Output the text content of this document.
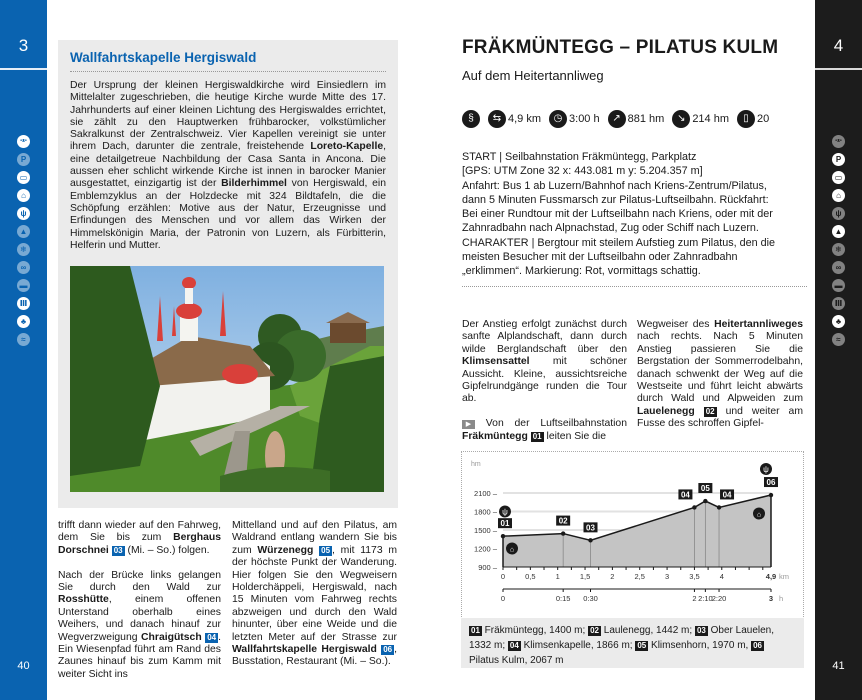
3
•ᴥ•
P
▭
⌂
ψ
▲
❄
∞
▬
Ⅲ
♣
≈
40
4
•ᴥ•
P
▭
⌂
ψ
▲
❄
∞
▬
Ⅲ
♣
≈
41
Wallfahrtskapelle Hergiswald
Der Ursprung der kleinen Hergiswaldkirche wird Einsiedlern im Mittelalter zugeschrieben, die heutige Kirche wurde Mitte des 17. Jahrhunderts auf einer kleinen Lichtung des Hergiswaldes errichtet, sie zählt zu den Hauptwerken frühbarocker, volkstümlicher Sakralkunst der Zentralschweiz. Vier Kapellen vereinigt sie unter ihrem Dach, darunter die zentrale, freistehende Loreto-Kapelle, eine detailgetreue Nachbildung der Casa Santa in Ancona. Die aussen eher schlicht wirkende Kirche ist innen in barocker Manier ausgestattet, einzigartig ist der Bilderhimmel von Hergiswald, ein Emblemzyklus an der Holzdecke mit 324 Bildtafeln, die die Schöpfung erzählen: Motive aus der Natur, Erzeugnisse und Erfindungen des Menschen und vor allem das Wirken der Himmelskönigin Maria, der Patronin von Luzern, als Fürbitterin, Helferin und Mutter.

trifft dann wieder auf den Fahrweg, dem Sie bis zum Berghaus Dorschnei 03 (Mi. – So.) folgen.

Nach der Brücke links gelangen Sie durch den Wald zur Rosshütte, einem offenen Unterstand oberhalb eines Weihers, und danach hinauf zur Wegverzweigung Chraigütsch 04 . Ein Wiesenpfad führt am Rand des Zaunes hinauf bis zum Kamm mit weiter Sicht ins

Mittelland und auf den Pilatus, am Waldrand entlang wandern Sie bis zum Würzenegg 05 , mit 1173 m der höchste Punkt der Wanderung. Hier folgen Sie den Wegweisern Holderchäppeli, Hergiswald, nach 15 Minuten vom Fahrweg rechts abzweigen und durch den Wald hinunter, über eine Weide und die letzten Meter auf der Strasse zur Wallfahrtskapelle Hergiswald 06 , Busstation, Restaurant (Mi. – So.).

FRÄKMÜNTEGG – PILATUS KULM
Auf dem Heitertannliweg
§	⇆ 4,9 km	◷ 3:00 h	↗ 881 hm	↘ 214 hm	▯ 20
START | Seilbahnstation Fräkmüntegg, Parkplatz
[GPS: UTM Zone 32 x: 443.081 m y: 5.204.357 m]
Anfahrt: Bus 1 ab Luzern/Bahnhof nach Kriens-Zentrum/Pilatus,
dann 5 Minuten Fussmarsch zur Pilatus-Luftseilbahn. Rückfahrt:
Bei einer Rundtour mit der Luftseilbahn nach Kriens, oder mit der
Zahnradbahn nach Alpnachstad, Zug oder Schiff nach Luzern.
CHARAKTER | Bergtour mit steilem Aufstieg zum Pilatus, den die
meisten Besucher mit der Luftseilbahn oder Zahnradbahn
„erklimmen“. Markierung: Rot, vormittags schattig.

Der Anstieg erfolgt zunächst durch sanfte Alplandschaft, dann durch wilde Berglandschaft über den Klimsensattel mit schöner Aussicht. Kleine, aussichtsreiche Gipfelrundgänge runden die Tour ab.

▶ Von der Luftseilbahnstation Fräkmüntegg 01 leiten Sie die

Wegweiser des Heitertannliweges nach rechts. Nach 5 Minuten Anstieg passieren Sie die Bergstation der Sommerrodelbahn, danach schwenkt der Weg auf die Westseite und führt leicht abwärts durch Wald und Alpweiden zum Lauelenegg 02 und weiter am Fusse des schroffen Gipfel-

hm
900 –
1200 –
1500 –
1800 –
2100 –
01	02
03
04
05
04
06
ψ
ψ
⌂
⌂
0	0,5	1	1,5	2	2,5	3	3,5	4	4,9 km
0	0:15 0:30	2 2:10 2:20	3 h
01 Fräkmüntegg, 1400 m; 02 Laulenegg, 1442 m; 03 Ober Lauelen, 1332 m; 04 Klimsenkapelle, 1866 m; 05 Klimsenhorn, 1970 m, 06 Pilatus Kulm, 2067 m
